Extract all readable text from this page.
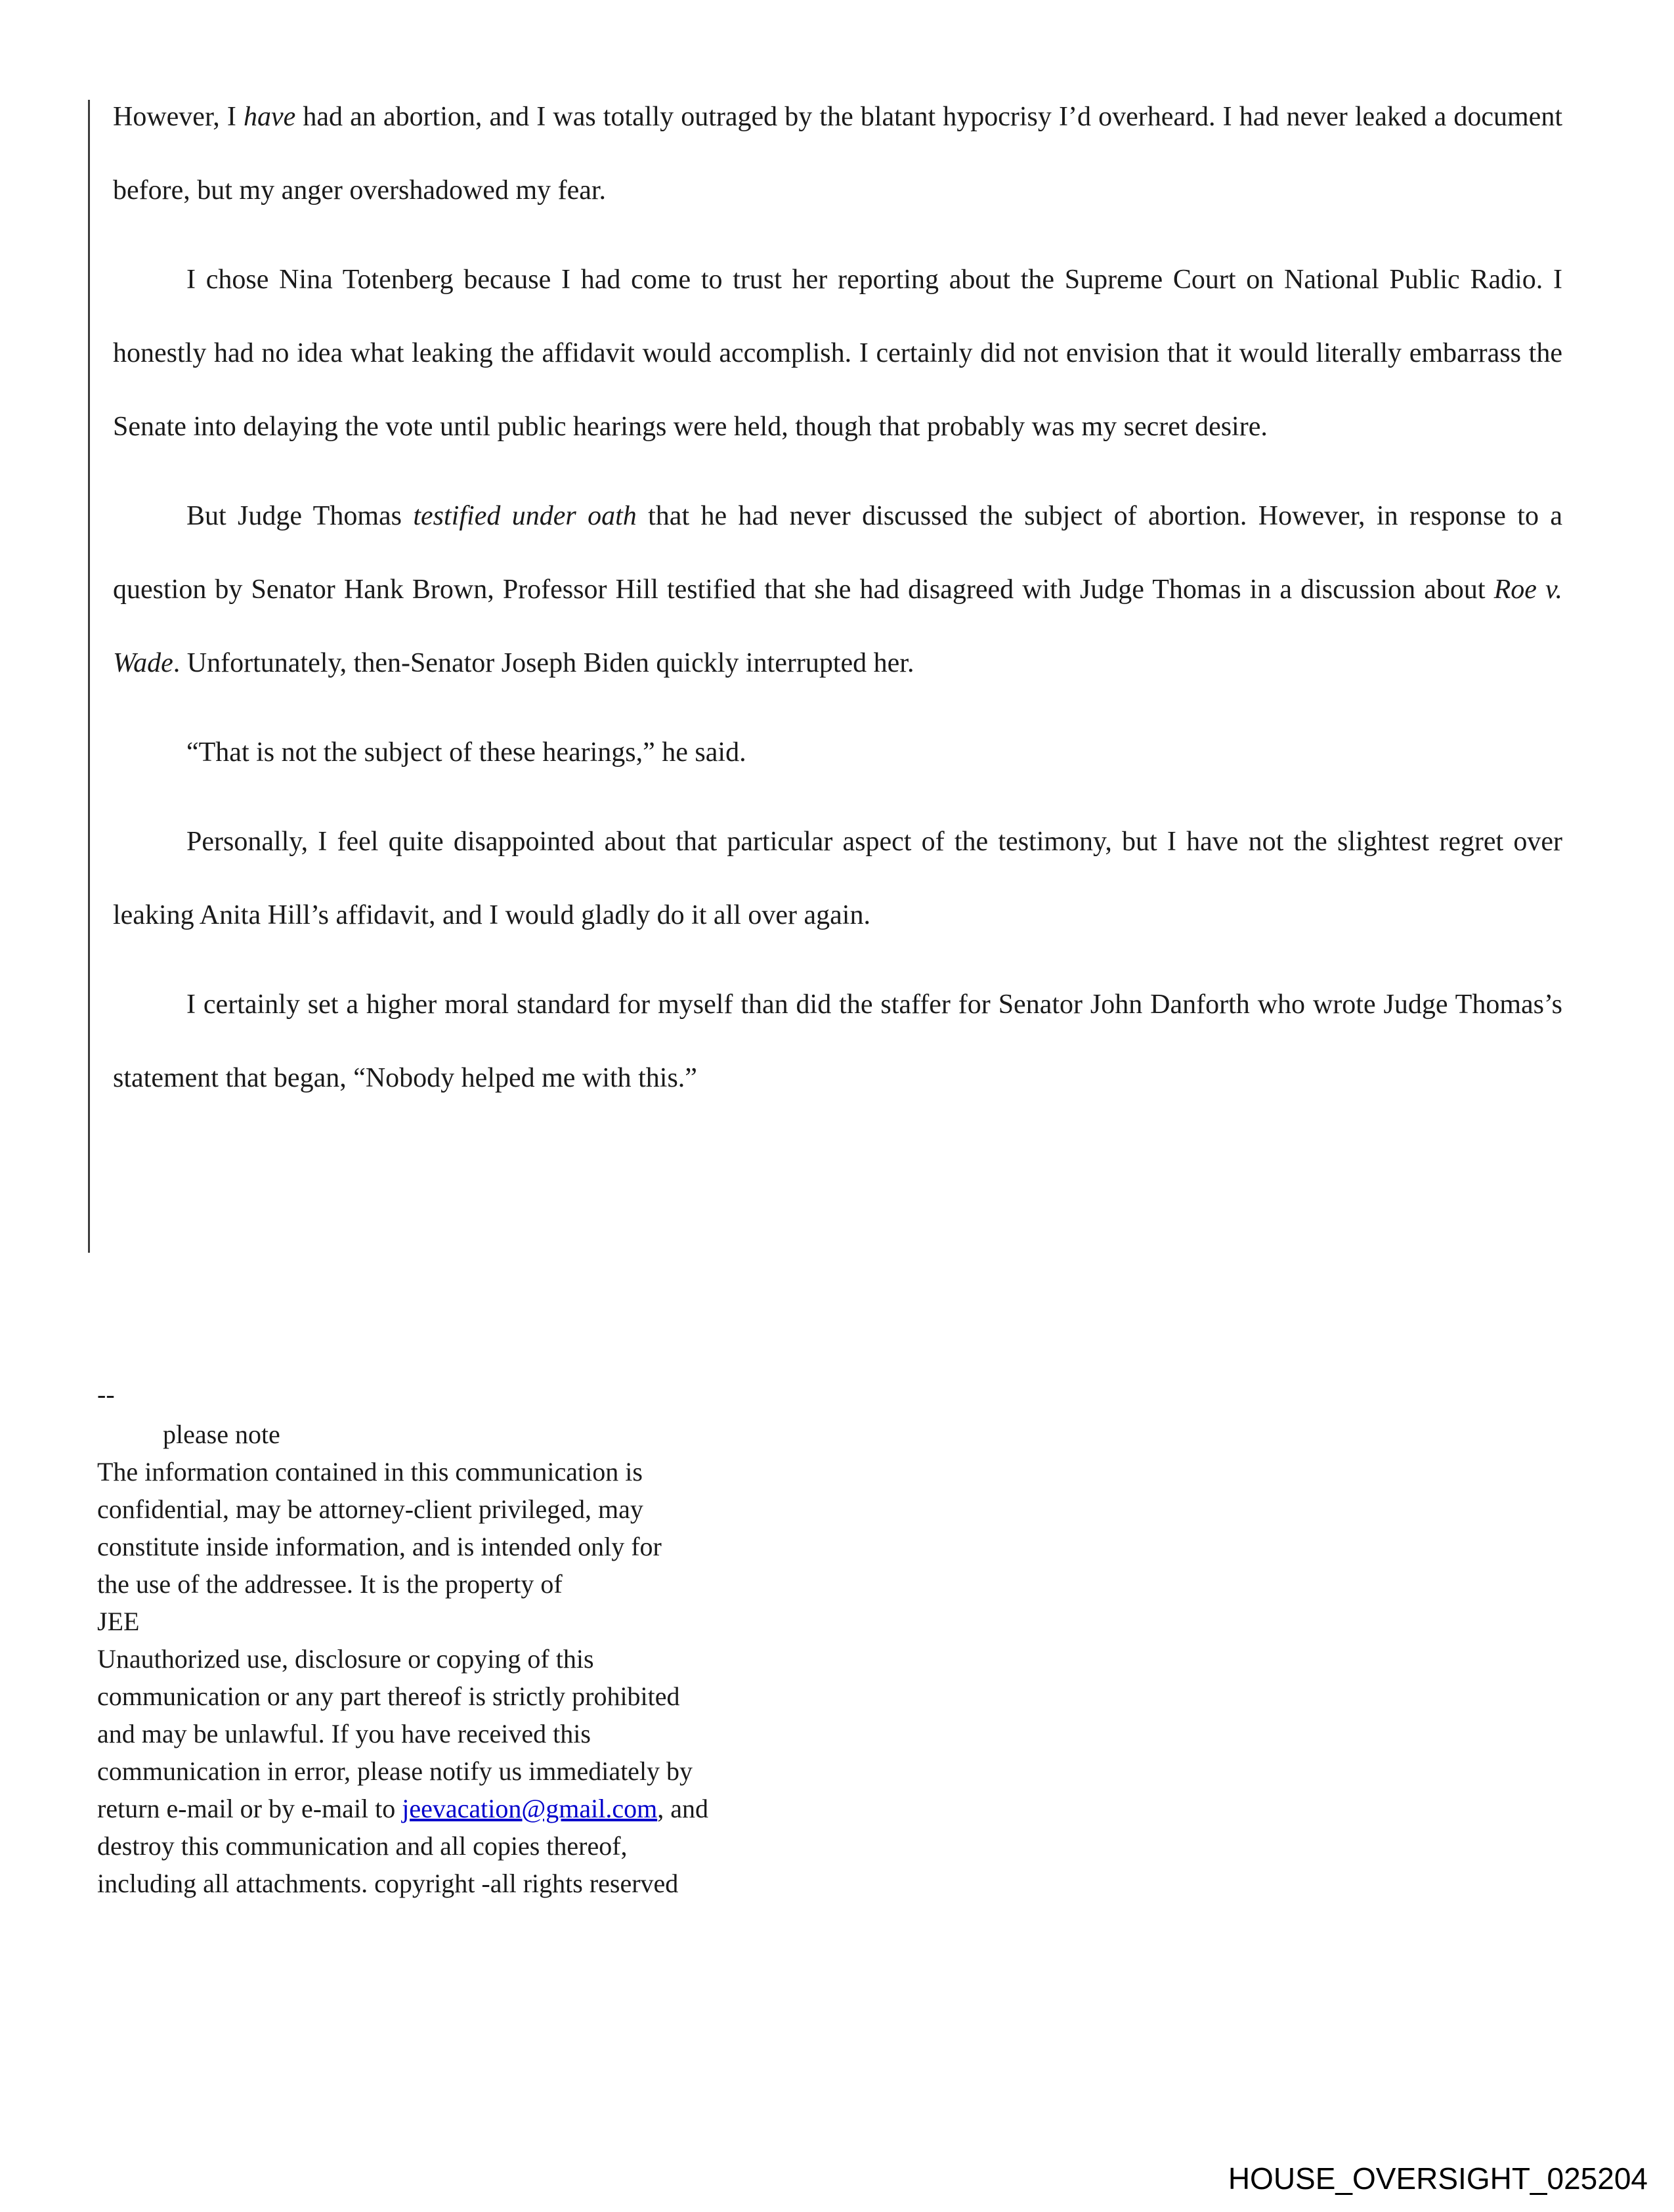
However, I have had an abortion, and I was totally outraged by the blatant hypocrisy I’d overheard. I had never leaked a document before, but my anger overshadowed my fear.

I chose Nina Totenberg because I had come to trust her reporting about the Supreme Court on National Public Radio. I honestly had no idea what leaking the affidavit would accomplish. I certainly did not envision that it would literally embarrass the Senate into delaying the vote until public hearings were held, though that probably was my secret desire.

But Judge Thomas testified under oath that he had never discussed the subject of abortion. However, in response to a question by Senator Hank Brown, Professor Hill testified that she had disagreed with Judge Thomas in a discussion about Roe v. Wade. Unfortunately, then-Senator Joseph Biden quickly interrupted her.

“That is not the subject of these hearings,” he said.

Personally, I feel quite disappointed about that particular aspect of the testimony, but I have not the slightest regret over leaking Anita Hill’s affidavit, and I would gladly do it all over again.

I certainly set a higher moral standard for myself than did the staffer for Senator John Danforth who wrote Judge Thomas’s statement that began, “Nobody helped me with this.”

--
please note
The information contained in this communication is
confidential, may be attorney-client privileged, may
constitute inside information, and is intended only for
the use of the addressee. It is the property of
JEE
Unauthorized use, disclosure or copying of this
communication or any part thereof is strictly prohibited
and may be unlawful. If you have received this
communication in error, please notify us immediately by
return e-mail or by e-mail to jeevacation@gmail.com, and
destroy this communication and all copies thereof,
including all attachments. copyright -all rights reserved
HOUSE_OVERSIGHT_025204
